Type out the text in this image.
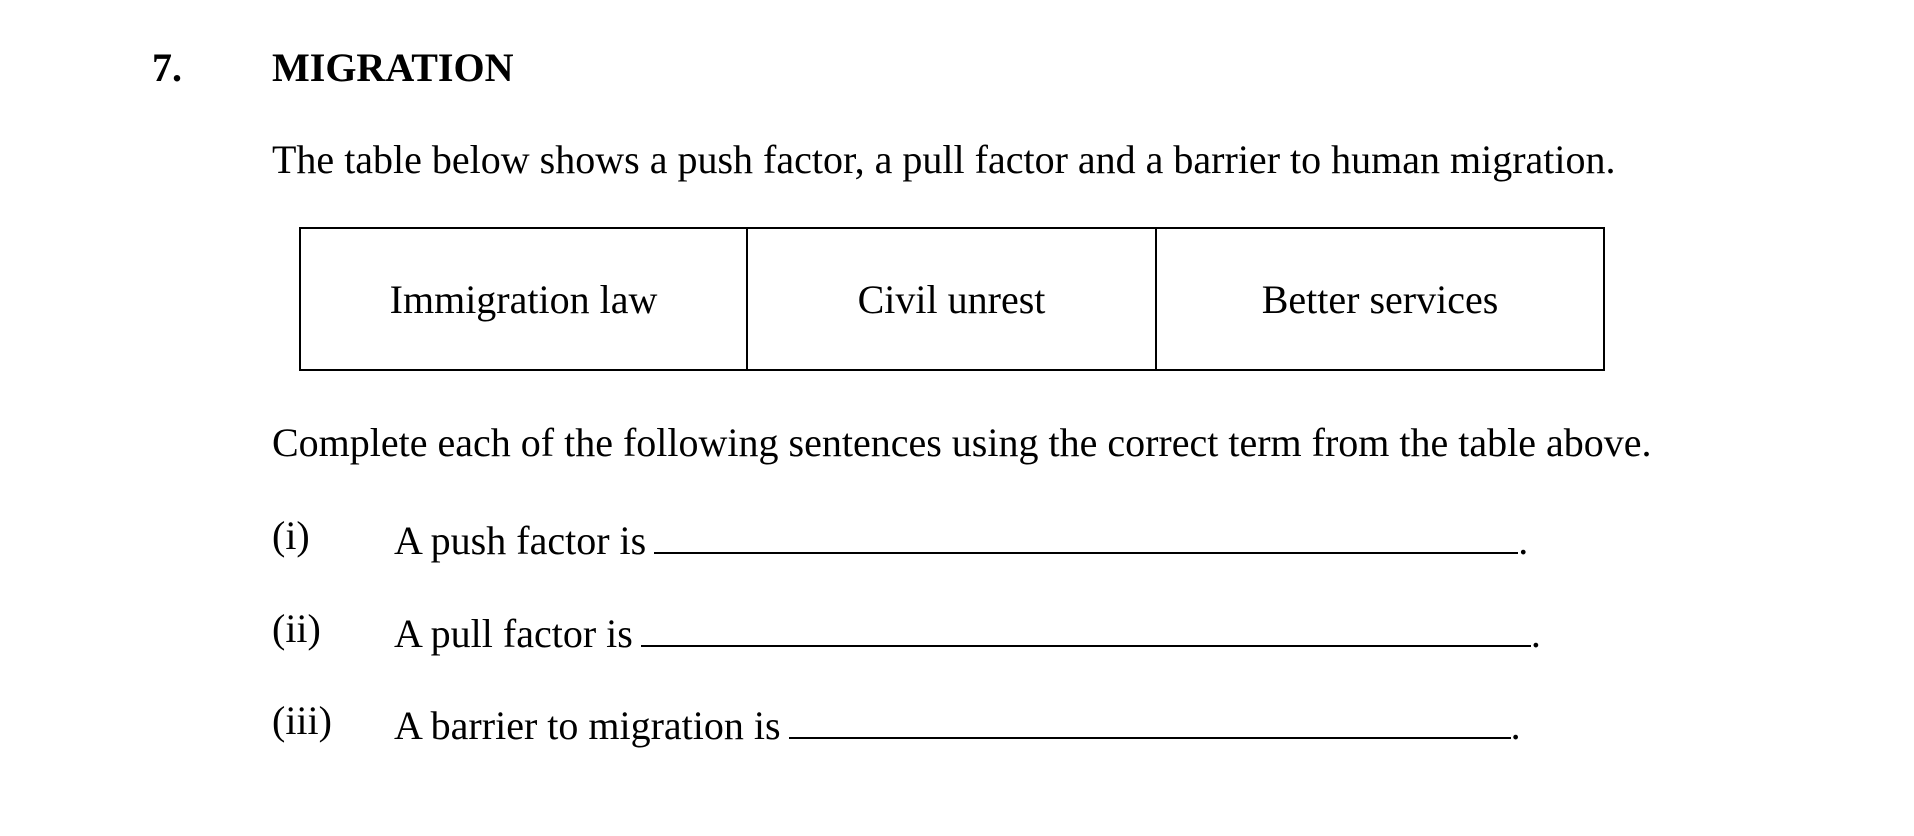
7. MIGRATION
The table below shows a push factor, a pull factor and a barrier to human migration.
Immigration law	Civil unrest	Better services
Complete each of the following sentences using the correct term from the table above.
(i) A push factor is	.
(ii) A pull factor is	.
(iii) A barrier to migration is	.
